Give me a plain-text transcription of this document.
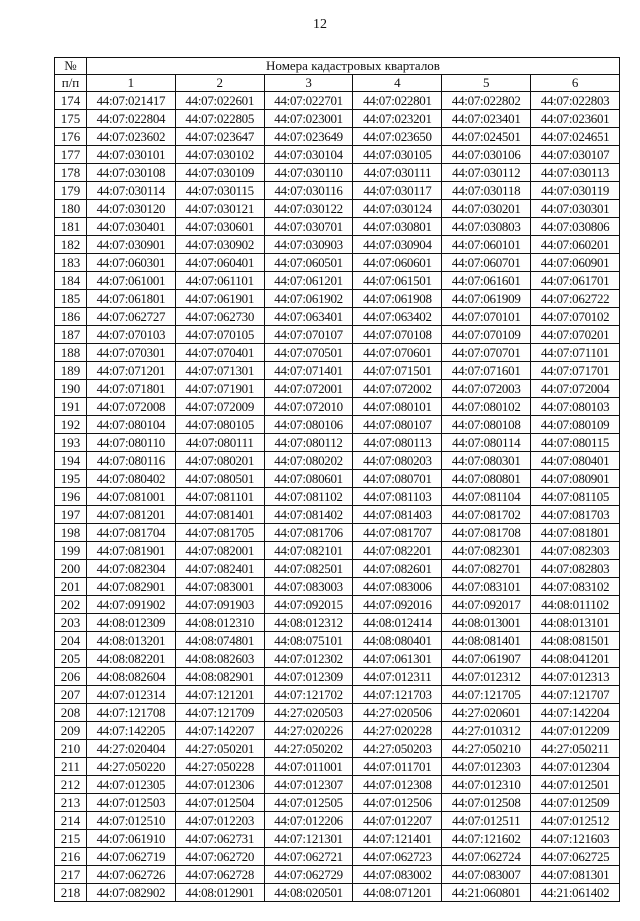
12
№	Номера кадастровых кварталов					
п/п	1	2	3	4	5	6
174	44:07:021417	44:07:022601	44:07:022701	44:07:022801	44:07:022802	44:07:022803
175	44:07:022804	44:07:022805	44:07:023001	44:07:023201	44:07:023401	44:07:023601
176	44:07:023602	44:07:023647	44:07:023649	44:07:023650	44:07:024501	44:07:024651
177	44:07:030101	44:07:030102	44:07:030104	44:07:030105	44:07:030106	44:07:030107
178	44:07:030108	44:07:030109	44:07:030110	44:07:030111	44:07:030112	44:07:030113
179	44:07:030114	44:07:030115	44:07:030116	44:07:030117	44:07:030118	44:07:030119
180	44:07:030120	44:07:030121	44:07:030122	44:07:030124	44:07:030201	44:07:030301
181	44:07:030401	44:07:030601	44:07:030701	44:07:030801	44:07:030803	44:07:030806
182	44:07:030901	44:07:030902	44:07:030903	44:07:030904	44:07:060101	44:07:060201
183	44:07:060301	44:07:060401	44:07:060501	44:07:060601	44:07:060701	44:07:060901
184	44:07:061001	44:07:061101	44:07:061201	44:07:061501	44:07:061601	44:07:061701
185	44:07:061801	44:07:061901	44:07:061902	44:07:061908	44:07:061909	44:07:062722
186	44:07:062727	44:07:062730	44:07:063401	44:07:063402	44:07:070101	44:07:070102
187	44:07:070103	44:07:070105	44:07:070107	44:07:070108	44:07:070109	44:07:070201
188	44:07:070301	44:07:070401	44:07:070501	44:07:070601	44:07:070701	44:07:071101
189	44:07:071201	44:07:071301	44:07:071401	44:07:071501	44:07:071601	44:07:071701
190	44:07:071801	44:07:071901	44:07:072001	44:07:072002	44:07:072003	44:07:072004
191	44:07:072008	44:07:072009	44:07:072010	44:07:080101	44:07:080102	44:07:080103
192	44:07:080104	44:07:080105	44:07:080106	44:07:080107	44:07:080108	44:07:080109
193	44:07:080110	44:07:080111	44:07:080112	44:07:080113	44:07:080114	44:07:080115
194	44:07:080116	44:07:080201	44:07:080202	44:07:080203	44:07:080301	44:07:080401
195	44:07:080402	44:07:080501	44:07:080601	44:07:080701	44:07:080801	44:07:080901
196	44:07:081001	44:07:081101	44:07:081102	44:07:081103	44:07:081104	44:07:081105
197	44:07:081201	44:07:081401	44:07:081402	44:07:081403	44:07:081702	44:07:081703
198	44:07:081704	44:07:081705	44:07:081706	44:07:081707	44:07:081708	44:07:081801
199	44:07:081901	44:07:082001	44:07:082101	44:07:082201	44:07:082301	44:07:082303
200	44:07:082304	44:07:082401	44:07:082501	44:07:082601	44:07:082701	44:07:082803
201	44:07:082901	44:07:083001	44:07:083003	44:07:083006	44:07:083101	44:07:083102
202	44:07:091902	44:07:091903	44:07:092015	44:07:092016	44:07:092017	44:08:011102
203	44:08:012309	44:08:012310	44:08:012312	44:08:012414	44:08:013001	44:08:013101
204	44:08:013201	44:08:074801	44:08:075101	44:08:080401	44:08:081401	44:08:081501
205	44:08:082201	44:08:082603	44:07:012302	44:07:061301	44:07:061907	44:08:041201
206	44:08:082604	44:08:082901	44:07:012309	44:07:012311	44:07:012312	44:07:012313
207	44:07:012314	44:07:121201	44:07:121702	44:07:121703	44:07:121705	44:07:121707
208	44:07:121708	44:07:121709	44:27:020503	44:27:020506	44:27:020601	44:07:142204
209	44:07:142205	44:07:142207	44:27:020226	44:27:020228	44:27:010312	44:07:012209
210	44:27:020404	44:27:050201	44:27:050202	44:27:050203	44:27:050210	44:27:050211
211	44:27:050220	44:27:050228	44:07:011001	44:07:011701	44:07:012303	44:07:012304
212	44:07:012305	44:07:012306	44:07:012307	44:07:012308	44:07:012310	44:07:012501
213	44:07:012503	44:07:012504	44:07:012505	44:07:012506	44:07:012508	44:07:012509
214	44:07:012510	44:07:012203	44:07:012206	44:07:012207	44:07:012511	44:07:012512
215	44:07:061910	44:07:062731	44:07:121301	44:07:121401	44:07:121602	44:07:121603
216	44:07:062719	44:07:062720	44:07:062721	44:07:062723	44:07:062724	44:07:062725
217	44:07:062726	44:07:062728	44:07:062729	44:07:083002	44:07:083007	44:07:081301
218	44:07:082902	44:08:012901	44:08:020501	44:08:071201	44:21:060801	44:21:061402
